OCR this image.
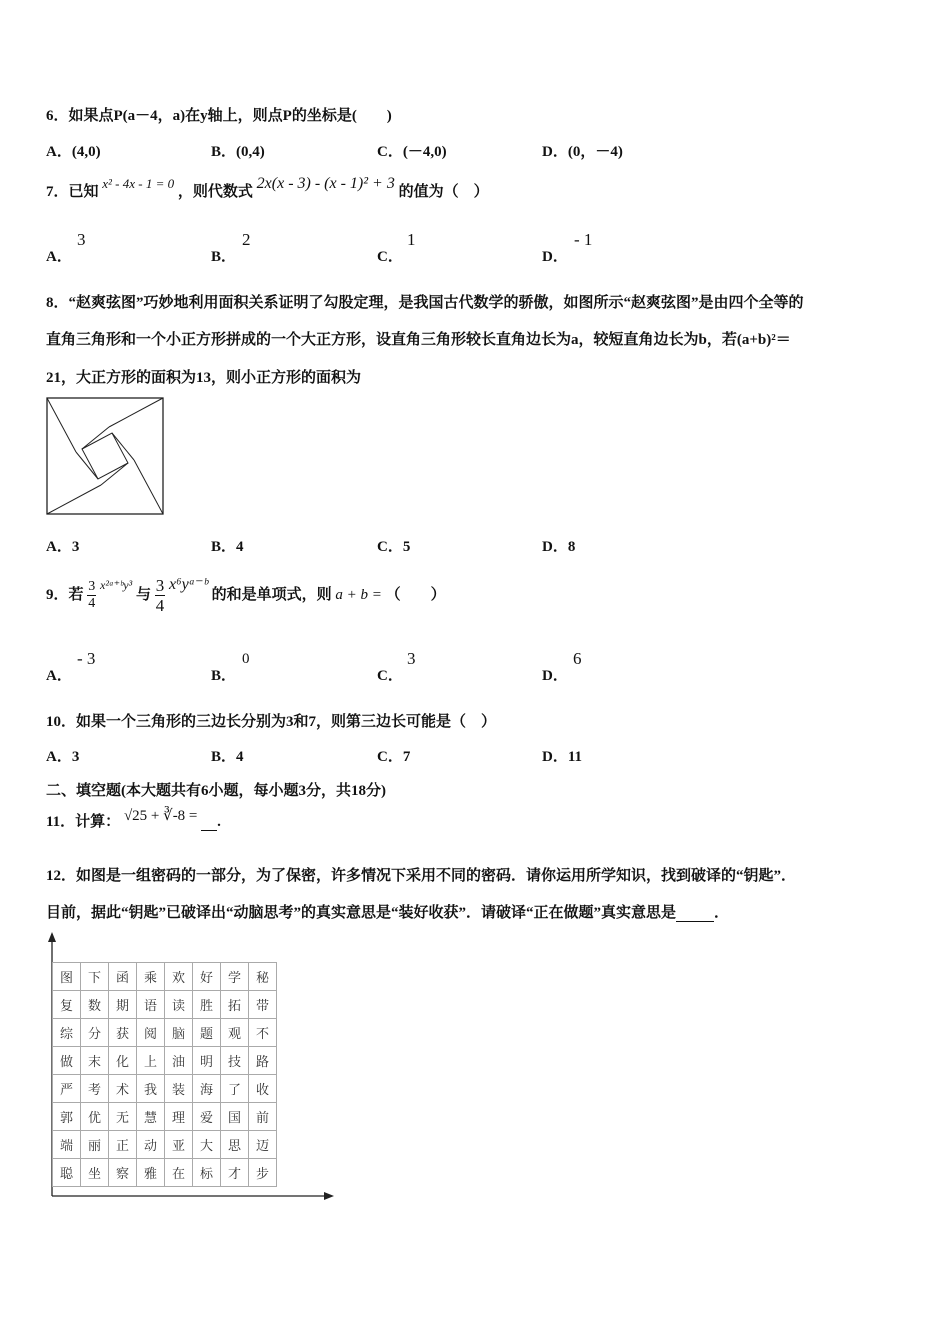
6．如果点P(a－4，a)在y轴上，则点P的坐标是(　　)
A．(4,0)	B．(0,4)	C．(－4,0)	D．(0，－4)
7．已知 x² - 4x - 1 = 0 ，则代数式 2x(x - 3) - (x - 1)² + 3 的值为（　）
A．
3
B．
2
C．
1
D．
- 1
8．“赵爽弦图”巧妙地利用面积关系证明了勾股定理，是我国古代数学的骄傲，如图所示“赵爽弦图”是由四个全等的
直角三角形和一个小正方形拼成的一个大正方形，设直角三角形较长直角边长为a，较短直角边长为b，若(a+b)²＝
21，大正方形的面积为13，则小正方形的面积为
A．3	B．4	C．5	D．8
9．若 $\frac{3}{4} ^{x^2ᵃ^+ᵇy^3}$ 与 $\frac{3}{4}$ x⁶yᵃ⁻ᵇ 的和是单项式，则 a + b = （　　）
A．
- 3
B．
0
C．
3
D．
6
10．如果一个三角形的三边长分别为3和7，则第三边长可能是（　）
A．3	B．4	C．7	D．11
二、填空题(本大题共有6小题，每小题3分，共18分)
11．计算： √25 + ∛-8 = .
12．如图是一组密码的一部分，为了保密，许多情况下采用不同的密码．请你运用所学知识，找到破译的“钥匙”．
目前，据此“钥匙”已破译出“动脑思考”的真实意思是“装好收获”．请破译“正在做题”真实意思是	．
图	下	函	乘	欢	好	学	秘
复	数	期	语	读	胜	拓	带
综	分	获	阅	脑	题	观	不
做	末	化	上	油	明	技	路
严	考	术	我	装	海	了	收
郭	优	无	慧	理	爱	国	前
端	丽	正	动	亚	大	思	迈
聪	坐	察	雅	在	标	才	步
